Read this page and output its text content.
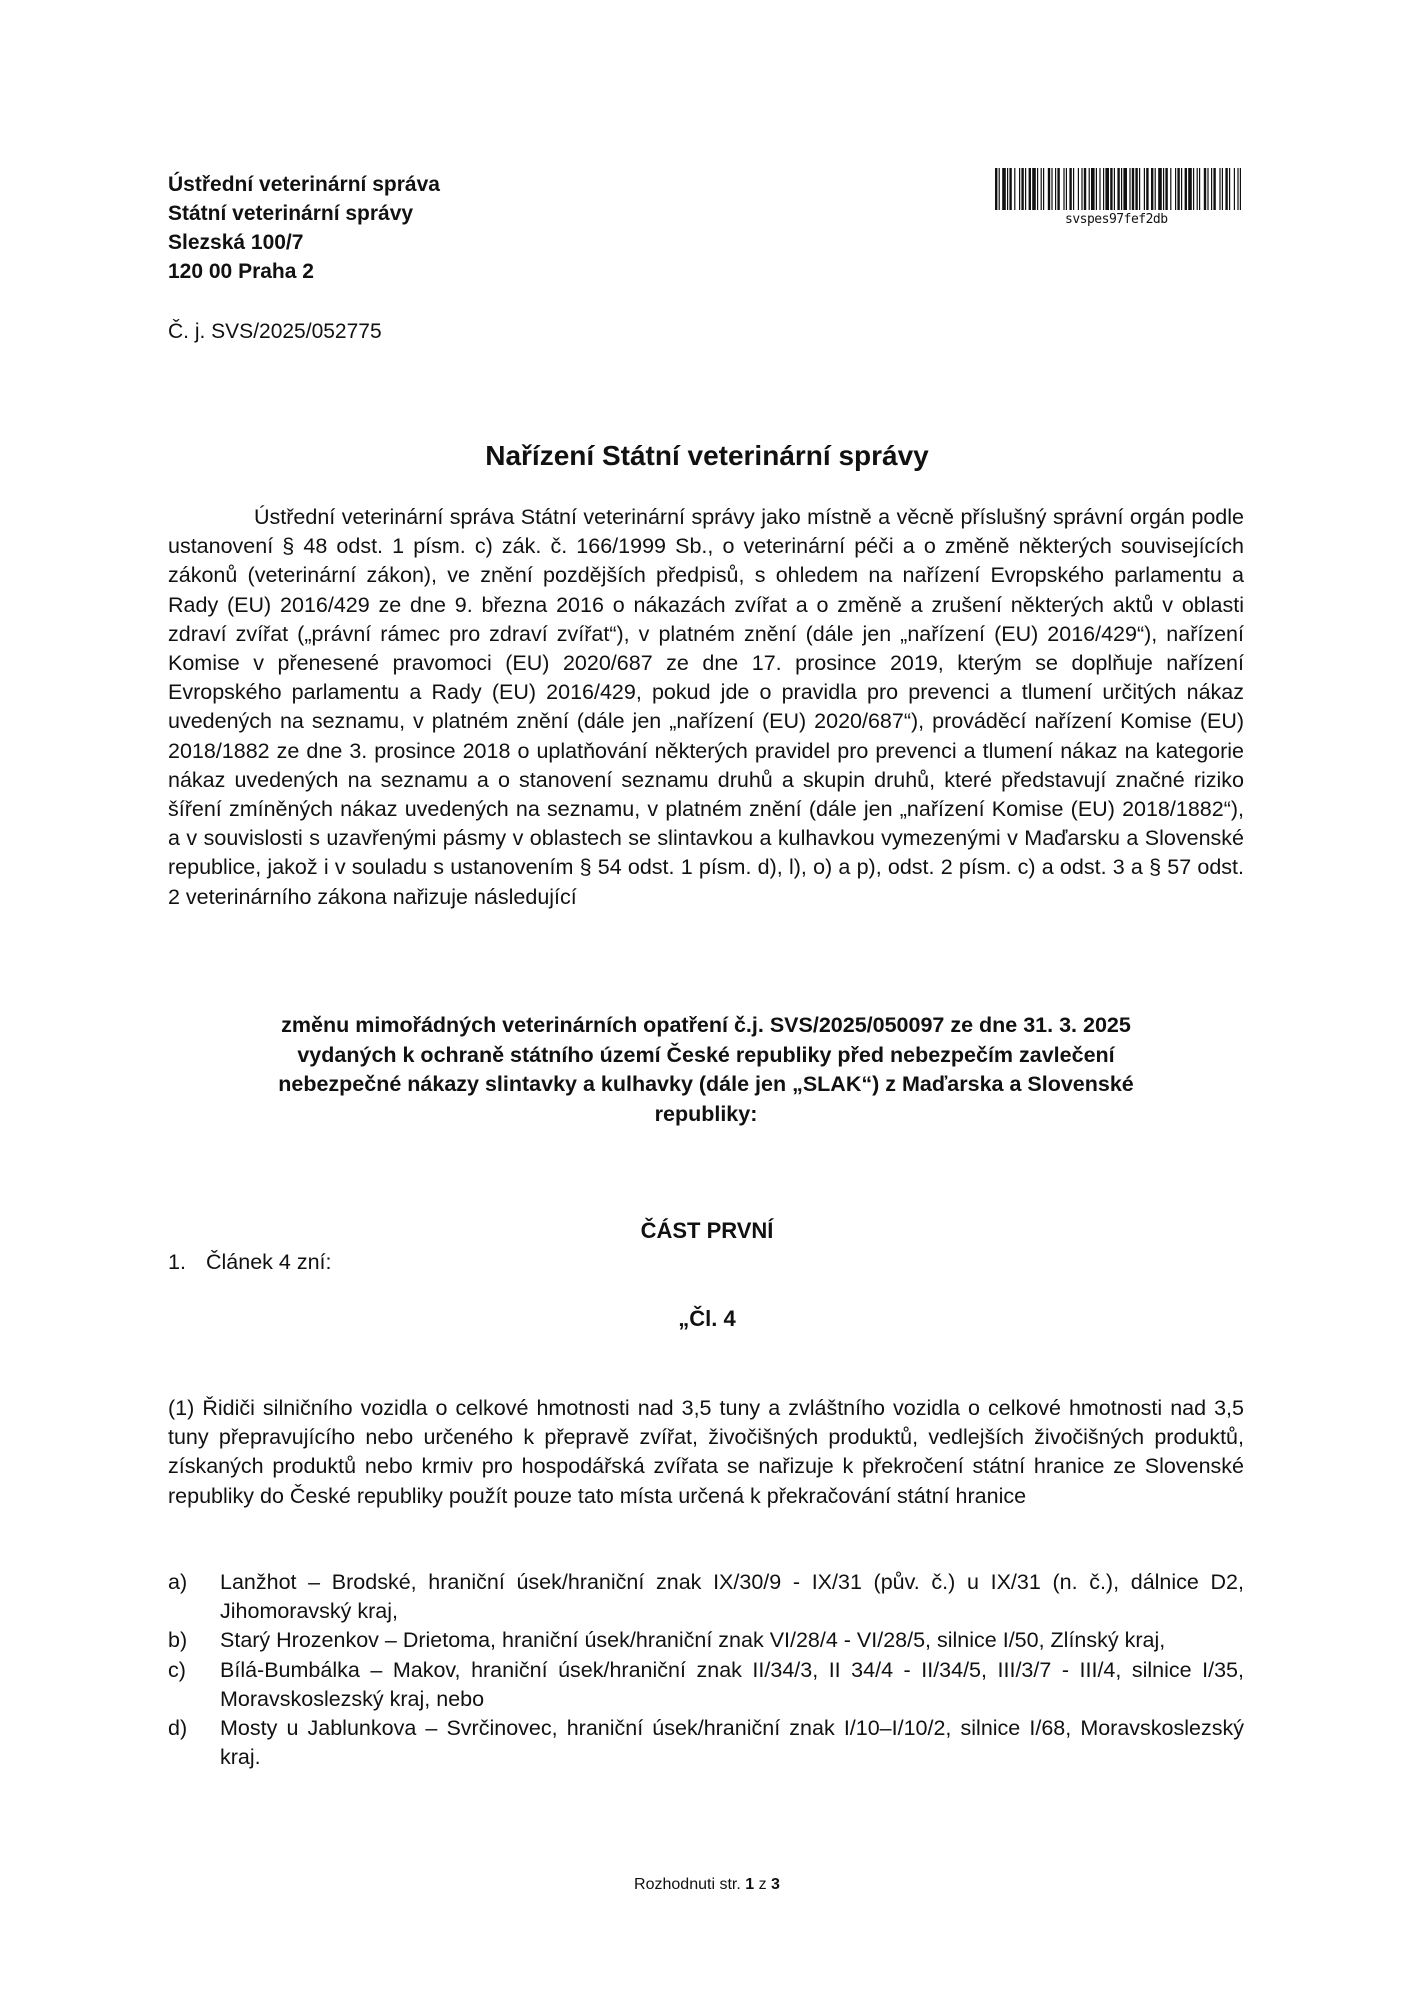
Ústřední veterinární správa
Státní veterinární správy
Slezská 100/7
120 00 Praha 2
svspes97fef2db
Č. j. SVS/2025/052775
Nařízení Státní veterinární správy
Ústřední veterinární správa Státní veterinární správy jako místně a věcně příslušný správní orgán podle ustanovení § 48 odst. 1 písm. c) zák. č. 166/1999 Sb., o veterinární péči a o změně některých souvisejících zákonů (veterinární zákon), ve znění pozdějších předpisů, s ohledem na nařízení Evropského parlamentu a Rady (EU) 2016/429 ze dne 9. března 2016 o nákazách zvířat a o změně a zrušení některých aktů v oblasti zdraví zvířat („právní rámec pro zdraví zvířat“), v platném znění (dále jen „nařízení (EU) 2016/429“), nařízení Komise v přenesené pravomoci (EU) 2020/687 ze dne 17. prosince 2019, kterým se doplňuje nařízení Evropského parlamentu a Rady (EU) 2016/429, pokud jde o pravidla pro prevenci a tlumení určitých nákaz uvedených na seznamu, v platném znění (dále jen „nařízení (EU) 2020/687“), prováděcí nařízení Komise (EU) 2018/1882 ze dne 3. prosince 2018 o uplatňování některých pravidel pro prevenci a tlumení nákaz na kategorie nákaz uvedených na seznamu a o stanovení seznamu druhů a skupin druhů, které představují značné riziko šíření zmíněných nákaz uvedených na seznamu, v platném znění (dále jen „nařízení Komise (EU) 2018/1882“), a v souvislosti s uzavřenými pásmy v oblastech se slintavkou a kulhavkou vymezenými v Maďarsku a Slovenské republice, jakož i v souladu s ustanovením § 54 odst. 1 písm. d), l), o) a p), odst. 2 písm. c) a odst. 3 a § 57 odst. 2 veterinárního zákona nařizuje následující
změnu mimořádných veterinárních opatření č.j. SVS/2025/050097 ze dne 31. 3. 2025
vydaných k ochraně státního území České republiky před nebezpečím zavlečení
nebezpečné nákazy slintavky a kulhavky (dále jen „SLAK“) z Maďarska a Slovenské
republiky:
ČÁST PRVNÍ
1. Článek 4 zní:
„Čl. 4
(1) Řidiči silničního vozidla o celkové hmotnosti nad 3,5 tuny a zvláštního vozidla o celkové hmotnosti nad 3,5 tuny přepravujícího nebo určeného k přepravě zvířat, živočišných produktů, vedlejších živočišných produktů, získaných produktů nebo krmiv pro hospodářská zvířata se nařizuje k překročení státní hranice ze Slovenské republiky do České republiky použít pouze tato místa určená k překračování státní hranice
a) Lanžhot – Brodské, hraniční úsek/hraniční znak IX/30/9 - IX/31 (pův. č.) u IX/31 (n. č.), dálnice D2, Jihomoravský kraj,
b) Starý Hrozenkov – Drietoma, hraniční úsek/hraniční znak VI/28/4 - VI/28/5, silnice I/50, Zlínský kraj,
c) Bílá-Bumbálka – Makov, hraniční úsek/hraniční znak II/34/3, II 34/4 - II/34/5, III/3/7 - III/4, silnice I/35, Moravskoslezský kraj, nebo
d) Mosty u Jablunkova – Svrčinovec, hraniční úsek/hraniční znak I/10–I/10/2, silnice I/68, Moravskoslezský kraj.
Rozhodnuti str. 1 z 3
